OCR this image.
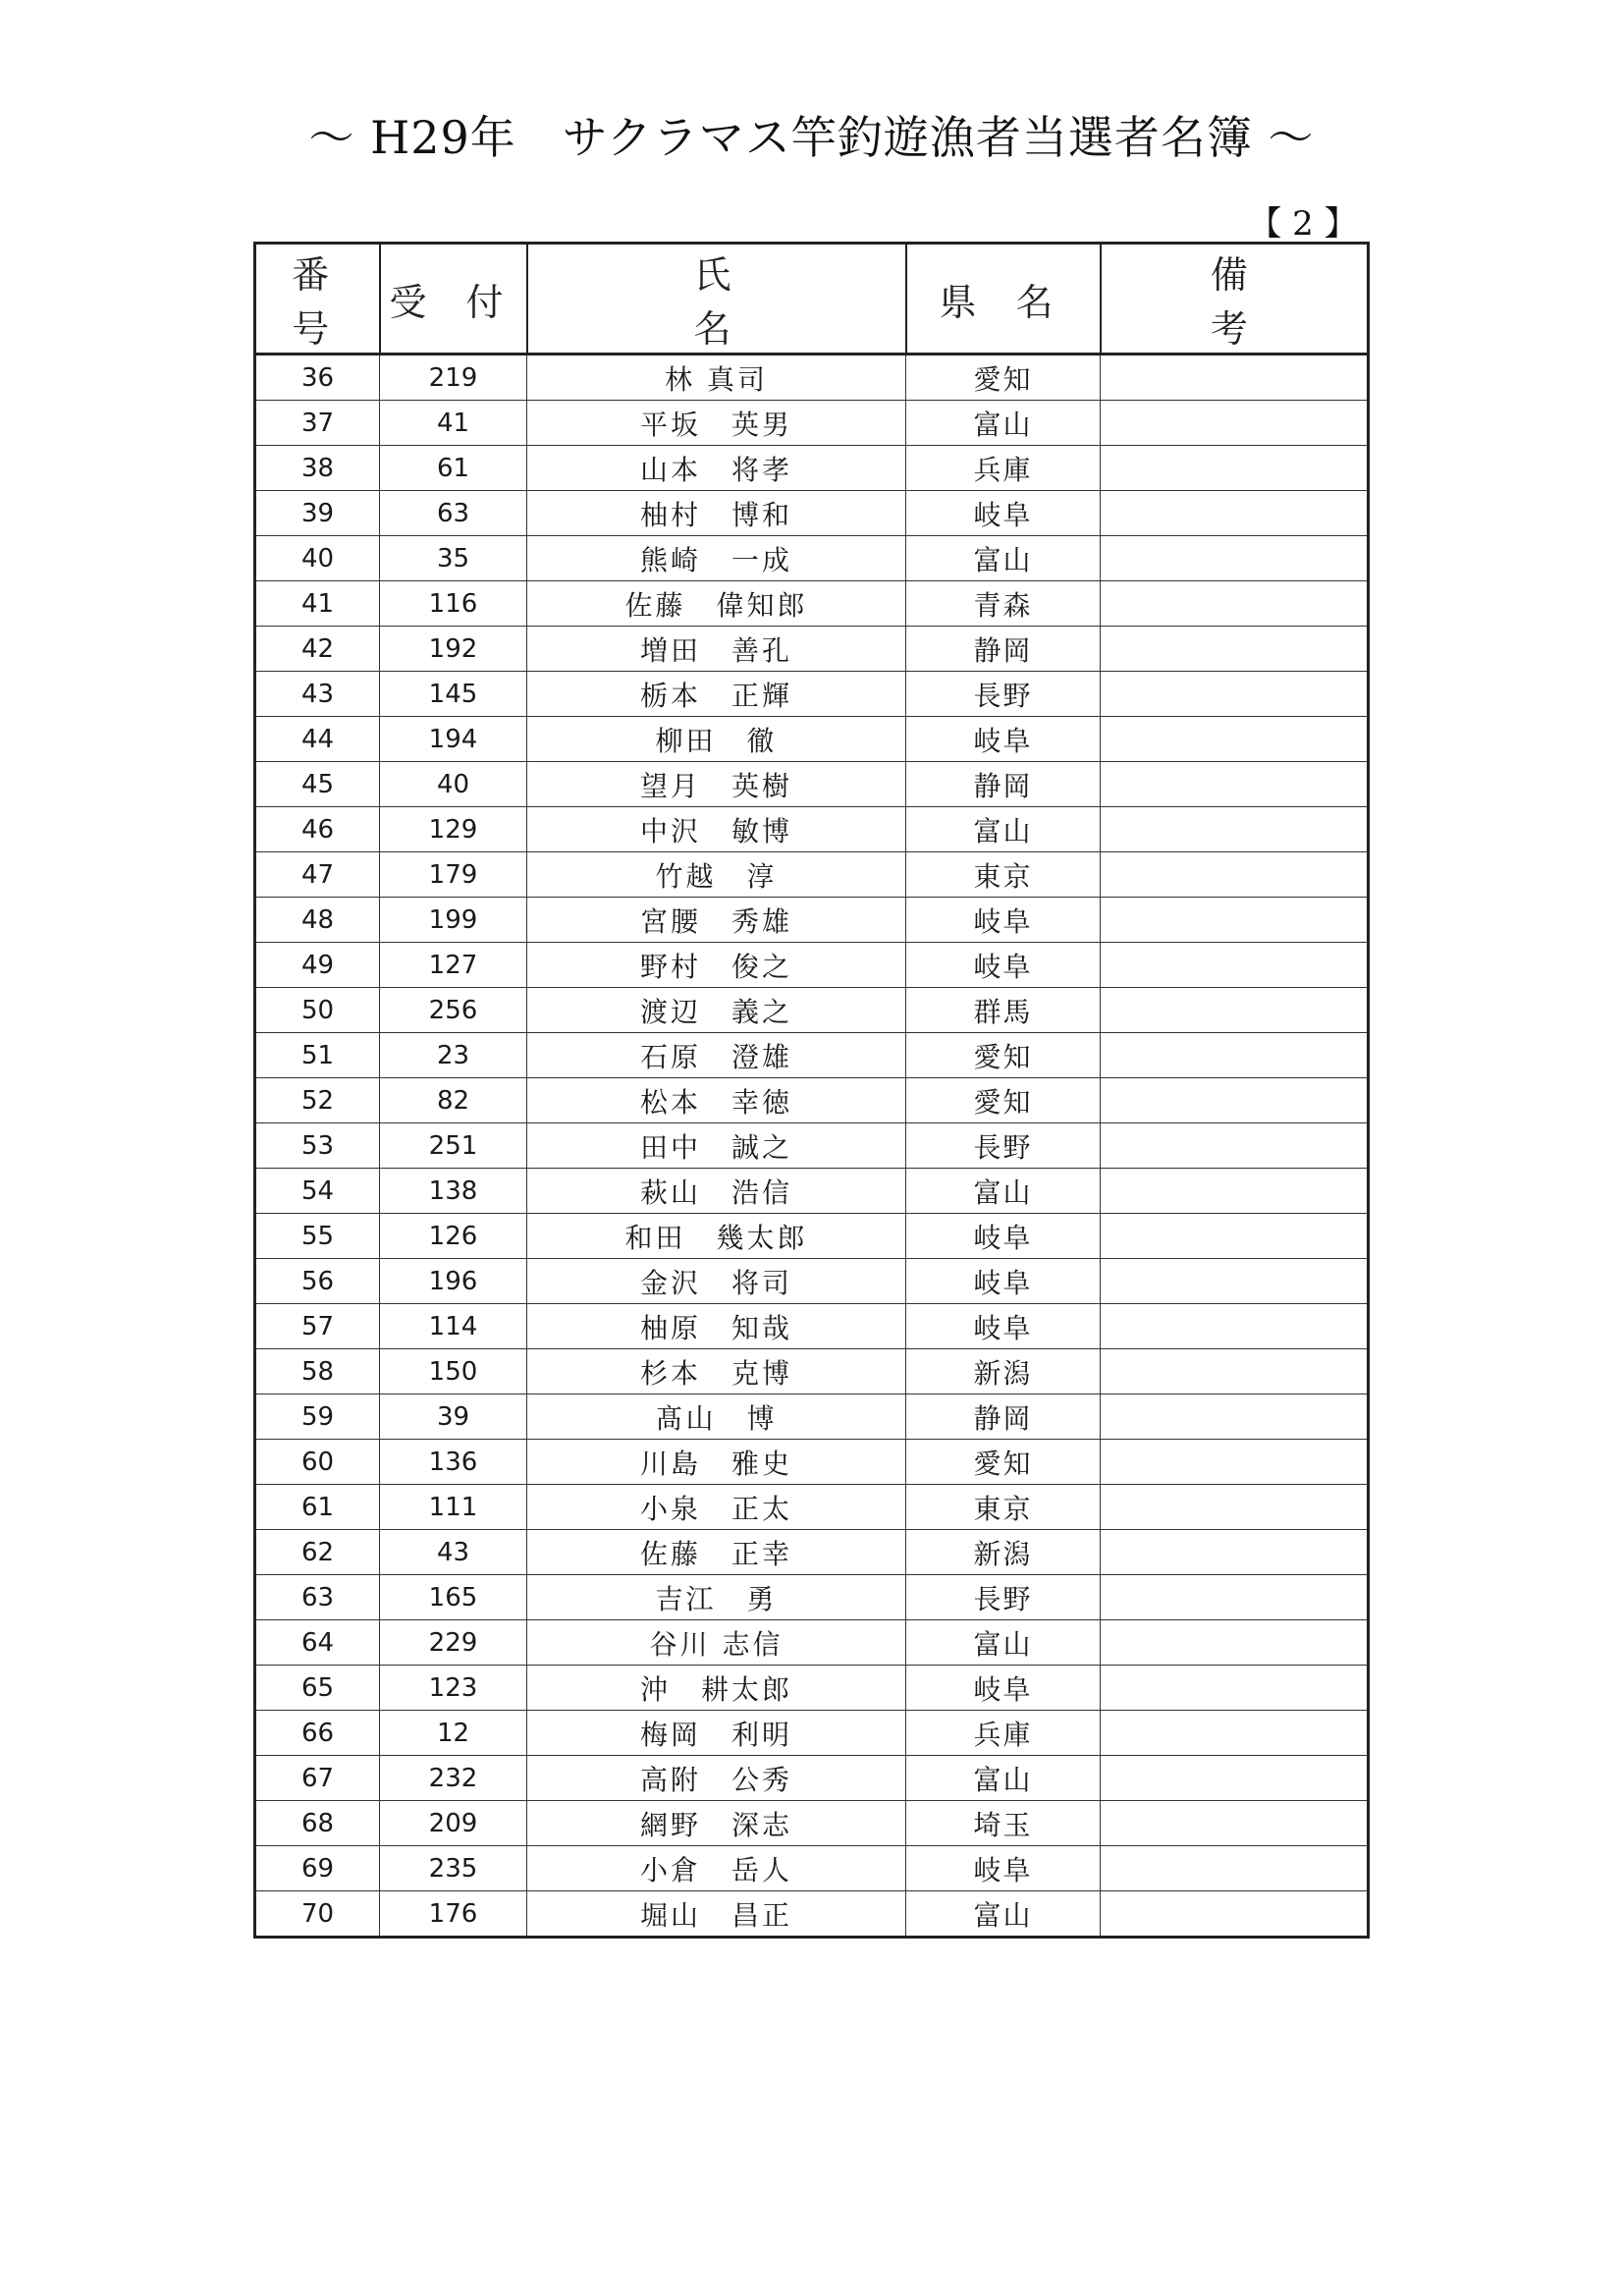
～ H29年　サクラマス竿釣遊漁者当選者名簿 ～
【 2 】
番 号	受 付	氏 名	県 名	備 考
36	219	林 真司	愛知	
37	41	平坂　英男	富山	
38	61	山本　将孝	兵庫	
39	63	柚村　博和	岐阜	
40	35	熊崎　一成	富山	
41	116	佐藤　偉知郎	青森	
42	192	増田　善孔	静岡	
43	145	栃本　正輝	長野	
44	194	柳田　徹	岐阜	
45	40	望月　英樹	静岡	
46	129	中沢　敏博	富山	
47	179	竹越　淳	東京	
48	199	宮腰　秀雄	岐阜	
49	127	野村　俊之	岐阜	
50	256	渡辺　義之	群馬	
51	23	石原　澄雄	愛知	
52	82	松本　幸徳	愛知	
53	251	田中　誠之	長野	
54	138	萩山　浩信	富山	
55	126	和田　幾太郎	岐阜	
56	196	金沢　将司	岐阜	
57	114	柚原　知哉	岐阜	
58	150	杉本　克博	新潟	
59	39	髙山　博	静岡	
60	136	川島　雅史	愛知	
61	111	小泉　正太	東京	
62	43	佐藤　正幸	新潟	
63	165	吉江　勇	長野	
64	229	谷川 志信	富山	
65	123	沖　耕太郎	岐阜	
66	12	梅岡　利明	兵庫	
67	232	高附　公秀	富山	
68	209	網野　深志	埼玉	
69	235	小倉　岳人	岐阜	
70	176	堀山　昌正	富山	
